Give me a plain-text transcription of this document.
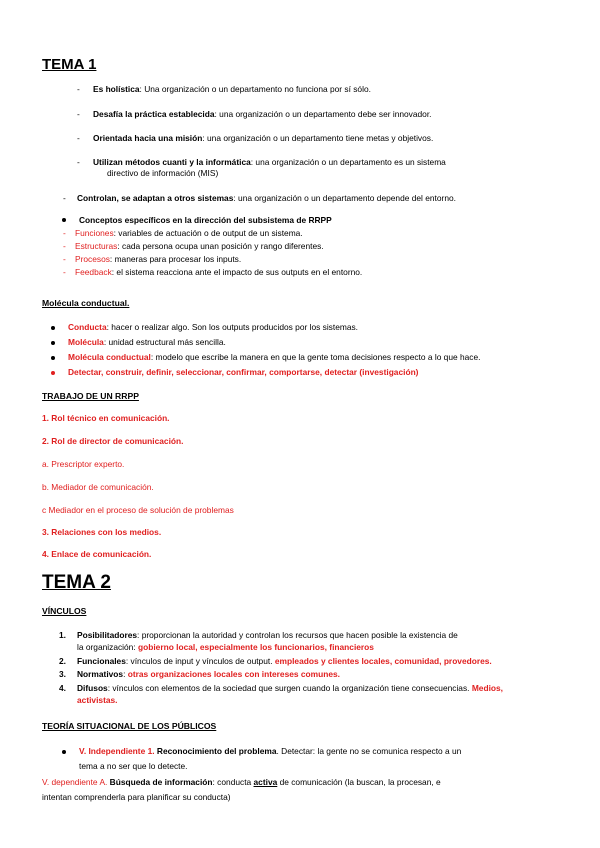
TEMA 1
- Es holística: Una organización o un departamento no funciona por sí sólo.
- Desafía la práctica establecida: una organización o un departamento debe ser innovador.
- Orientada hacia una misión: una organización o un departamento tiene metas y objetivos.
- Utilizan métodos cuanti y la informática: una organización o un departamento es un sistema
directivo de información (MIS)
- Controlan, se adaptan a otros sistemas: una organización o un departamento depende del entorno.
Conceptos específicos en la dirección del subsistema de RRPP
- Funciones: variables de actuación o de output de un sistema.
- Estructuras: cada persona ocupa unan posición y rango diferentes.
- Procesos: maneras para procesar los inputs.
- Feedback: el sistema reacciona ante el impacto de sus outputs en el entorno.
Molécula conductual.
Conducta: hacer o realizar algo. Son los outputs producidos por los sistemas.
Molécula: unidad estructural más sencilla.
Molécula conductual: modelo que escribe la manera en que la gente toma decisiones respecto a lo que hace.
Detectar, construir, definir, seleccionar, confirmar, comportarse, detectar (investigación)
TRABAJO DE UN RRPP
1. Rol técnico en comunicación.
2. Rol de director de comunicación.
a. Prescriptor experto.
b. Mediador de comunicación.
c Mediador en el proceso de solución de problemas
3. Relaciones con los medios.
4. Enlace de comunicación.
TEMA 2
VÍNCULOS
1. Posibilitadores: proporcionan la autoridad y controlan los recursos que hacen posible la existencia de
la organización: gobierno local, especialmente los funcionarios, financieros
2. Funcionales: vínculos de input y vínculos de output. empleados y clientes locales, comunidad, provedores.
3. Normativos: otras organizaciones locales con intereses comunes.
4. Difusos: vínculos con elementos de la sociedad que surgen cuando la organización tiene consecuencias. Medios,
activistas.
TEORÍA SITUACIONAL DE LOS PÚBLICOS
V. Independiente 1. Reconocimiento del problema. Detectar: la gente no se comunica respecto a un
tema a no ser que lo detecte.
V. dependiente A. Búsqueda de información: conducta activa de comunicación (la buscan, la procesan, e
intentan comprenderla para planificar su conducta)
